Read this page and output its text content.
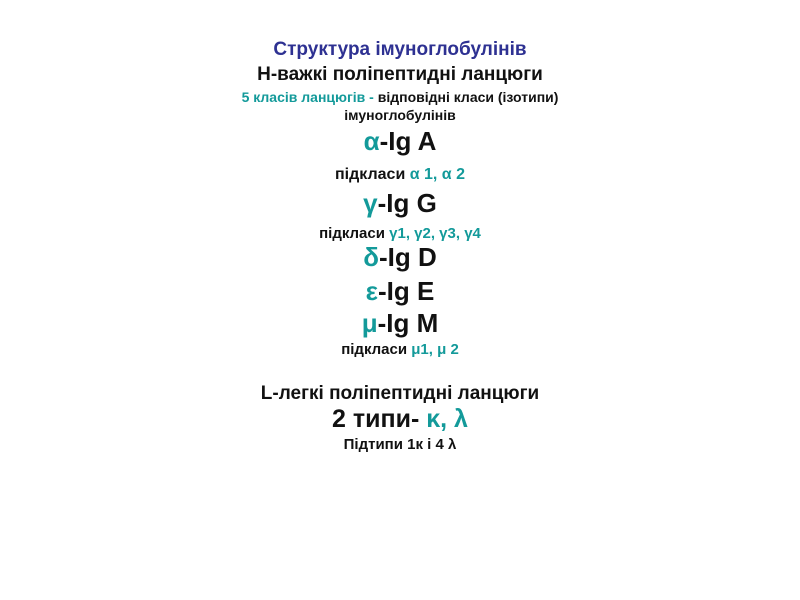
Структура імуноглобулінів
Н-важкі поліпептидні ланцюги
5 класів ланцюгів - відповідні класи (ізотипи)
імуноглобулінів
α-Ig A
підкласи α 1, α 2
γ-Ig G
підкласи γ1, γ2, γ3, γ4
δ-Ig D
ε-Ig E
μ-Ig M
підкласи μ1, μ 2
L-легкі поліпептидні ланцюги
2 типи- κ, λ
Підтипи 1к і 4 λ
